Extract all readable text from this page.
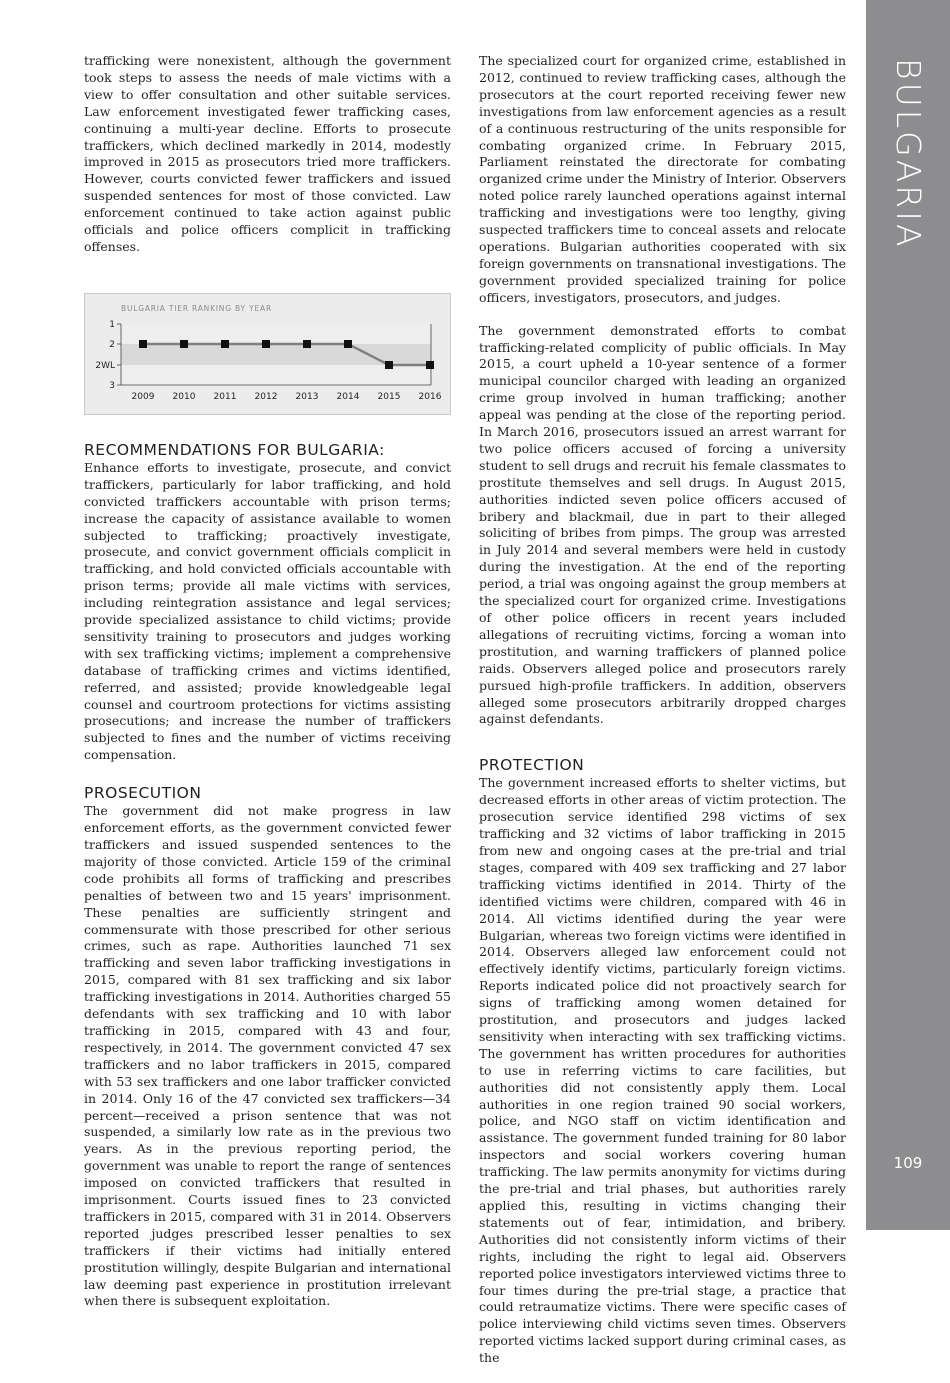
BULGARIA
109

trafficking were nonexistent, although the government took steps to assess the needs of male victims with a view to offer consultation and other suitable services. Law enforcement investigated fewer trafficking cases, continuing a multi-year decline. Efforts to prosecute traffickers, which declined markedly in 2014, modestly improved in 2015 as prosecutors tried more traffickers. However, courts convicted fewer traffickers and issued suspended sentences for most of those convicted. Law enforcement continued to take action against public officials and police officers complicit in trafficking offenses.

BULGARIA TIER RANKING BY YEAR
1
2
2WL
3
2009 2010 2011 2012 2013 2014 2015 2016
RECOMMENDATIONS FOR BULGARIA:

Enhance efforts to investigate, prosecute, and convict traffickers, particularly for labor trafficking, and hold convicted traffickers accountable with prison terms; increase the capacity of assistance available to women subjected to trafficking; proactively investigate, prosecute, and convict government officials complicit in trafficking, and hold convicted officials accountable with prison terms; provide all male victims with services, including reintegration assistance and legal services; provide specialized assistance to child victims; provide sensitivity training to prosecutors and judges working with sex trafficking victims; implement a comprehensive database of trafficking crimes and victims identified, referred, and assisted; provide knowledgeable legal counsel and courtroom protections for victims assisting prosecutions; and increase the number of traffickers subjected to fines and the number of victims receiving compensation.

PROSECUTION

The government did not make progress in law enforcement efforts, as the government convicted fewer traffickers and issued suspended sentences to the majority of those convicted. Article 159 of the criminal code prohibits all forms of trafficking and prescribes penalties of between two and 15 years' imprisonment. These penalties are sufficiently stringent and commensurate with those prescribed for other serious crimes, such as rape. Authorities launched 71 sex trafficking and seven labor trafficking investigations in 2015, compared with 81 sex trafficking and six labor trafficking investigations in 2014. Authorities charged 55 defendants with sex trafficking and 10 with labor trafficking in 2015, compared with 43 and four, respectively, in 2014. The government convicted 47 sex traffickers and no labor traffickers in 2015, compared with 53 sex traffickers and one labor trafficker convicted in 2014. Only 16 of the 47 convicted sex traffickers—34 percent—received a prison sentence that was not suspended, a similarly low rate as in the previous two years. As in the previous reporting period, the government was unable to report the range of sentences imposed on convicted traffickers that resulted in imprisonment. Courts issued fines to 23 convicted traffickers in 2015, compared with 31 in 2014. Observers reported judges prescribed lesser penalties to sex traffickers if their victims had initially entered prostitution willingly, despite Bulgarian and international law deeming past experience in prostitution irrelevant when there is subsequent exploitation.

The specialized court for organized crime, established in 2012, continued to review trafficking cases, although the prosecutors at the court reported receiving fewer new investigations from law enforcement agencies as a result of a continuous restructuring of the units responsible for combating organized crime. In February 2015, Parliament reinstated the directorate for combating organized crime under the Ministry of Interior. Observers noted police rarely launched operations against internal trafficking and investigations were too lengthy, giving suspected traffickers time to conceal assets and relocate operations. Bulgarian authorities cooperated with six foreign governments on transnational investigations. The government provided specialized training for police officers, investigators, prosecutors, and judges.

The government demonstrated efforts to combat trafficking-related complicity of public officials. In May 2015, a court upheld a 10-year sentence of a former municipal councilor charged with leading an organized crime group involved in human trafficking; another appeal was pending at the close of the reporting period. In March 2016, prosecutors issued an arrest warrant for two police officers accused of forcing a university student to sell drugs and recruit his female classmates to prostitute themselves and sell drugs. In August 2015, authorities indicted seven police officers accused of bribery and blackmail, due in part to their alleged soliciting of bribes from pimps. The group was arrested in July 2014 and several members were held in custody during the investigation. At the end of the reporting period, a trial was ongoing against the group members at the specialized court for organized crime. Investigations of other police officers in recent years included allegations of recruiting victims, forcing a woman into prostitution, and warning traffickers of planned police raids. Observers alleged police and prosecutors rarely pursued high-profile traffickers. In addition, observers alleged some prosecutors arbitrarily dropped charges against defendants.

PROTECTION

The government increased efforts to shelter victims, but decreased efforts in other areas of victim protection. The prosecution service identified 298 victims of sex trafficking and 32 victims of labor trafficking in 2015 from new and ongoing cases at the pre-trial and trial stages, compared with 409 sex trafficking and 27 labor trafficking victims identified in 2014. Thirty of the identified victims were children, compared with 46 in 2014. All victims identified during the year were Bulgarian, whereas two foreign victims were identified in 2014. Observers alleged law enforcement could not effectively identify victims, particularly foreign victims. Reports indicated police did not proactively search for signs of trafficking among women detained for prostitution, and prosecutors and judges lacked sensitivity when interacting with sex trafficking victims. The government has written procedures for authorities to use in referring victims to care facilities, but authorities did not consistently apply them. Local authorities in one region trained 90 social workers, police, and NGO staff on victim identification and assistance. The government funded training for 80 labor inspectors and social workers covering human trafficking. The law permits anonymity for victims during the pre-trial and trial phases, but authorities rarely applied this, resulting in victims changing their statements out of fear, intimidation, and bribery. Authorities did not consistently inform victims of their rights, including the right to legal aid. Observers reported police investigators interviewed victims three to four times during the pre-trial stage, a practice that could retraumatize victims. There were specific cases of police interviewing child victims seven times. Observers reported victims lacked support during criminal cases, as the
